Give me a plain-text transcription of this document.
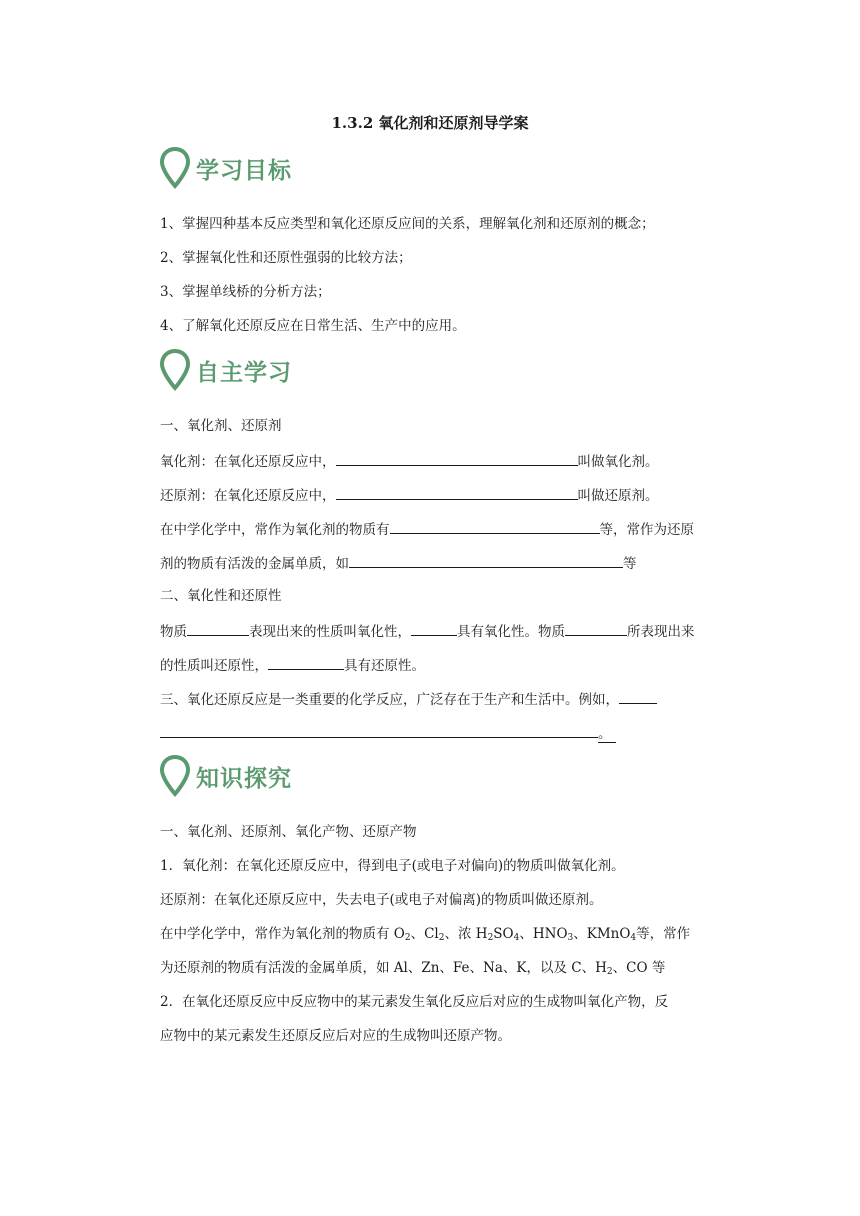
1.3.2 氧化剂和还原剂导学案
学习目标
1、掌握四种基本反应类型和氧化还原反应间的关系，理解氧化剂和还原剂的概念；
2、掌握氧化性和还原性强弱的比较方法；
3、掌握单线桥的分析方法；
4、了解氧化还原反应在日常生活、生产中的应用。
自主学习
一、氧化剂、还原剂
氧化剂：在氧化还原反应中，	叫做氧化剂。
还原剂：在氧化还原反应中，	叫做还原剂。
在中学化学中，常作为氧化剂的物质有	等，常作为还原
剂的物质有活泼的金属单质，如	等
二、氧化性和还原性
物质	表现出来的性质叫氧化性，	具有氧化性。物质	所表现出来
的性质叫还原性，	具有还原性。
三、氧化还原反应是一类重要的化学反应，广泛存在于生产和生活中。例如，
。
知识探究
一、氧化剂、还原剂、氧化产物、还原产物
1．氧化剂：在氧化还原反应中，得到电子(或电子对偏向)的物质叫做氧化剂。
还原剂：在氧化还原反应中，失去电子(或电子对偏离)的物质叫做还原剂。
在中学化学中，常作为氧化剂的物质有 $O_2$、$Cl_2$、浓 $H_2SO_4$、$HNO_3$、KMnO$_4$等，常作
为还原剂的物质有活泼的金属单质，如 Al、Zn、Fe、Na、K，以及 C、$H_2$、CO 等
2．在氧化还原反应中反应物中的某元素发生氧化反应后对应的生成物叫氧化产物，反
应物中的某元素发生还原反应后对应的生成物叫还原产物。
